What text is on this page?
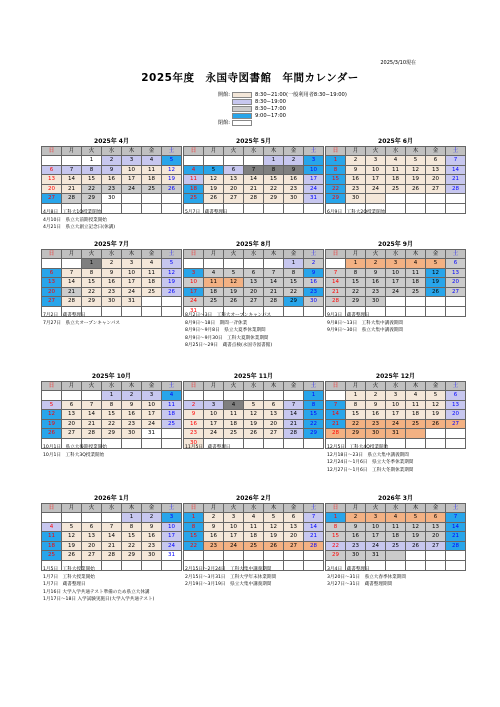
2025/3/10現在
2025年度　永国寺図書館　年間カレンダー
開館:	8:30−21:00(一般利用者8:30−19:00)
8:30−19:00
8:30−17:00
9:00−17:00
閉館:
2025年 4月
日	月	火	水	木	金	土
		1	2	3	4	5
6	7	8	9	10	11	12
13	14	15	16	17	18	19
20	21	22	23	24	25	26
27	28	29	30			

4月8日　工科大1Q授業開始
4月10日　県立大前期授業開始
4月21日　県立大創立記念日(休講)
2025年 5月
日	月	火	水	木	金	土
				1	2	3
4	5	6	7	8	9	10
11	12	13	14	15	16	17
18	19	20	21	22	23	24
25	26	27	28	29	30	31

5月7日　蔵書整理日
2025年 6月
日	月	火	水	木	金	土
1	2	3	4	5	6	7
8	9	10	11	12	13	14
15	16	17	18	19	20	21
22	23	24	25	26	27	28
29	30					

6月9日　工科大2Q授業開始
2025年 7月
日	月	火	水	木	金	土
		1	2	3	4	5
6	7	8	9	10	11	12
13	14	15	16	17	18	19
20	21	22	23	24	25	26
27	28	29	30	31		

7月2日　蔵書整理日
7月27日　県立大オープンキャンパス
2025年 8月
日	月	火	水	木	金	土
					1	2
3	4	5	6	7	8	9
10	11	12	13	14	15	16
17	18	19	20	21	22	23
24	25	26	27	28	29	30
31						
8月2日〜3日　工科大オープンキャンパス
8月9日〜18日　期間一斉休業
8月9日〜9月8日　県立大夏季休業期間
8月9日〜9月30日　工科大夏期休業期間
8月25日〜29日　蔵書点検(永国寺図書館)
2025年 9月
日	月	火	水	木	金	土
	1	2	3	4	5	6
7	8	9	10	11	12	13
14	15	16	17	18	19	20
21	22	23	24	25	26	27
28	29	30				

9月3日　蔵書整理日
9月8日〜13日　工科大集中講義期間
9月9日〜30日　県立大集中講義期間
2025年 10月
日	月	火	水	木	金	土
			1	2	3	4
5	6	7	8	9	10	11
12	13	14	15	16	17	18
19	20	21	22	23	24	25
26	27	28	29	30	31	

10月1日　県立大後期授業開始
10月1日　工科大3Q授業開始
2025年 11月
日	月	火	水	木	金	土
						1
2	3	4	5	6	7	8
9	10	11	12	13	14	15
16	17	18	19	20	21	22
23	24	25	26	27	28	29
30						
11月5日　蔵書整理日
2025年 12月
日	月	火	水	木	金	土
	1	2	3	4	5	6
7	8	9	10	11	12	13
14	15	16	17	18	19	20
21	22	23	24	25	26	27
28	29	30	31			

12月5日　工科大4Q授業開始
12月18日〜23日　県立大集中講義期間
12月24日〜1月6日　県立大冬季休業期間
12月27日〜1月6日　工科大冬期休業期間
2026年 1月
日	月	火	水	木	金	土
				1	2	3
4	5	6	7	8	9	10
11	12	13	14	15	16	17
18	19	20	21	22	23	24
25	26	27	28	29	30	31

1月5日　工科大授業開始
1月7日　工科大授業開始
1月7日　蔵書整理日
1月16日 大学入学共通テスト準備のため県立大休講
1月17日〜18日 入学試験実施日(大学入学共通テスト)
2026年 2月
日	月	火	水	木	金	土
1	2	3	4	5	6	7
8	9	10	11	12	13	14
15	16	17	18	19	20	21
22	23	24	25	26	27	28

2月15日〜2月24日　工科大集中講義期間
2月15日〜3月31日　工科大学年末休業期間
2月19日〜3月19日　県立大集中講義期間
2026年 3月
日	月	火	水	木	金	土
1	2	3	4	5	6	7
8	9	10	11	12	13	14
15	16	17	18	19	20	21
22	23	24	25	26	27	28
29	30	31				

3月4日　蔵書整理日
3月20日〜31日　県立大春季休業期間
3月27日〜31日　蔵書整理期間
